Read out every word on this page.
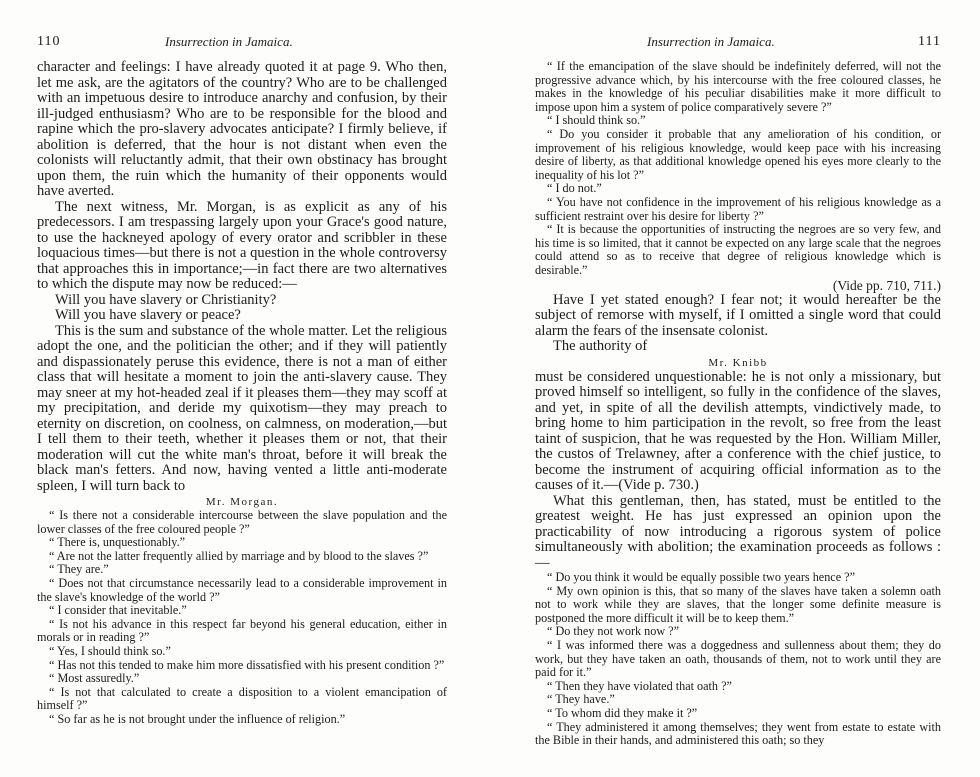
110	Insurrection in Jamaica.

character and feelings: I have already quoted it at page 9. Who then, let me ask, are the agitators of the country? Who are to be challenged with an impetuous desire to introduce anarchy and confusion, by their ill-judged enthusiasm? Who are to be responsible for the blood and rapine which the pro-slavery advocates anticipate? I firmly believe, if abolition is deferred, that the hour is not distant when even the colonists will reluctantly admit, that their own obstinacy has brought upon them, the ruin which the humanity of their opponents would have averted.

The next witness, Mr. Morgan, is as explicit as any of his predecessors. I am trespassing largely upon your Grace's good nature, to use the hackneyed apology of every orator and scribbler in these loquacious times—but there is not a question in the whole controversy that approaches this in importance;—in fact there are two alternatives to which the dispute may now be reduced:—

Will you have slavery or Christianity?

Will you have slavery or peace?

This is the sum and substance of the whole matter. Let the religious adopt the one, and the politician the other; and if they will patiently and dispassionately peruse this evidence, there is not a man of either class that will hesitate a moment to join the anti-slavery cause. They may sneer at my hot-headed zeal if it pleases them—they may scoff at my precipitation, and deride my quixotism—they may preach to eternity on discretion, on coolness, on calmness, on moderation,—but I tell them to their teeth, whether it pleases them or not, that their moderation will cut the white man's throat, before it will break the black man's fetters. And now, having vented a little anti-moderate spleen, I will turn back to

Mr. Morgan.

“ Is there not a considerable intercourse between the slave population and the lower classes of the free coloured people ?”

“ There is, unquestionably.”

“ Are not the latter frequently allied by marriage and by blood to the slaves ?”

“ They are.”

“ Does not that circumstance necessarily lead to a considerable improvement in the slave's knowledge of the world ?”

“ I consider that inevitable.”

“ Is not his advance in this respect far beyond his general education, either in morals or in reading ?”

“ Yes, I should think so.”

“ Has not this tended to make him more dissatisfied with his present condition ?”

“ Most assuredly.”

“ Is not that calculated to create a disposition to a violent emancipation of himself ?”

“ So far as he is not brought under the influence of religion.”

Insurrection in Jamaica.	111

“ If the emancipation of the slave should be indefinitely deferred, will not the progressive advance which, by his intercourse with the free coloured classes, he makes in the knowledge of his peculiar disabilities make it more difficult to impose upon him a system of police comparatively severe ?”

“ I should think so.”

“ Do you consider it probable that any amelioration of his condition, or improvement of his religious knowledge, would keep pace with his increasing desire of liberty, as that additional knowledge opened his eyes more clearly to the inequality of his lot ?”

“ I do not.”

“ You have not confidence in the improvement of his religious knowledge as a sufficient restraint over his desire for liberty ?”

“ It is because the opportunities of instructing the negroes are so very few, and his time is so limited, that it cannot be expected on any large scale that the negroes could attend so as to receive that degree of religious knowledge which is desirable.”

(Vide pp. 710, 711.)

Have I yet stated enough? I fear not; it would hereafter be the subject of remorse with myself, if I omitted a single word that could alarm the fears of the insensate colonist.

The authority of

Mr. Knibb

must be considered unquestionable: he is not only a missionary, but proved himself so intelligent, so fully in the confidence of the slaves, and yet, in spite of all the devilish attempts, vindictively made, to bring home to him participation in the revolt, so free from the least taint of suspicion, that he was requested by the Hon. William Miller, the custos of Trelawney, after a conference with the chief justice, to become the instrument of acquiring official information as to the causes of it.—(Vide p. 730.)

What this gentleman, then, has stated, must be entitled to the greatest weight. He has just expressed an opinion upon the practicability of now introducing a rigorous system of police simultaneously with abolition; the examination proceeds as follows :—

“ Do you think it would be equally possible two years hence ?”

“ My own opinion is this, that so many of the slaves have taken a solemn oath not to work while they are slaves, that the longer some definite measure is postponed the more difficult it will be to keep them.”

“ Do they not work now ?”

“ I was informed there was a doggedness and sullenness about them; they do work, but they have taken an oath, thousands of them, not to work until they are paid for it.”

“ Then they have violated that oath ?”

“ They have.”

“ To whom did they make it ?”

“ They administered it among themselves; they went from estate to estate with the Bible in their hands, and administered this oath; so they
